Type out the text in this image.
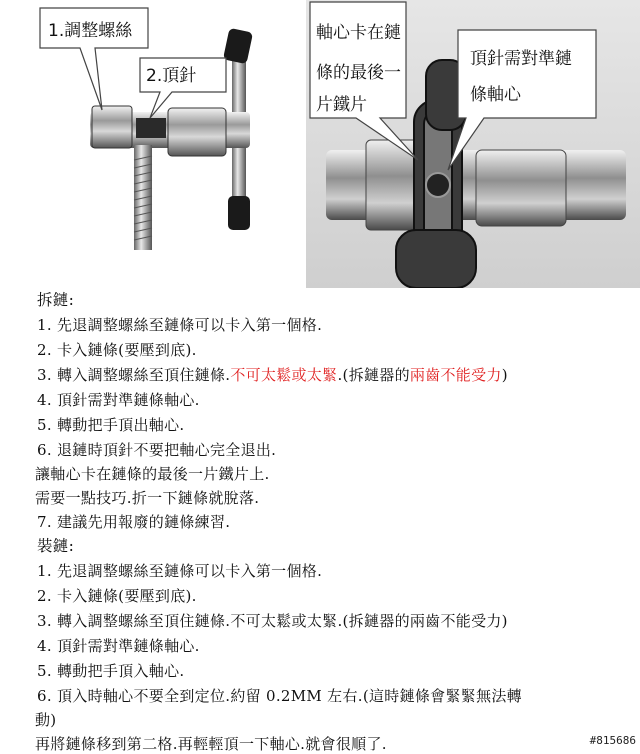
1.調整螺絲
2.頂針
軸心卡在鏈
條的最後一
片鐵片
頂針需對準鏈
條軸心
拆鏈:
1. 先退調整螺絲至鏈條可以卡入第一個格.
2. 卡入鏈條(要壓到底).
3. 轉入調整螺絲至頂住鏈條.不可太鬆或太緊.(拆鏈器的兩齒不能受力)
4. 頂針需對準鏈條軸心.
5. 轉動把手頂出軸心.
6. 退鏈時頂針不要把軸心完全退出.
讓軸心卡在鏈條的最後一片鐵片上.
需要一點技巧.折一下鏈條就脫落.
7. 建議先用報廢的鏈條練習.
裝鏈:
1. 先退調整螺絲至鏈條可以卡入第一個格.
2. 卡入鏈條(要壓到底).
3. 轉入調整螺絲至頂住鏈條.不可太鬆或太緊.(拆鏈器的兩齒不能受力)
4. 頂針需對準鏈條軸心.
5. 轉動把手頂入軸心.
6. 頂入時軸心不要全到定位.約留 0.2MM 左右.(這時鏈條會緊緊無法轉
動)
再將鏈條移到第二格.再輕輕頂一下軸心.就會很順了.	#815686
